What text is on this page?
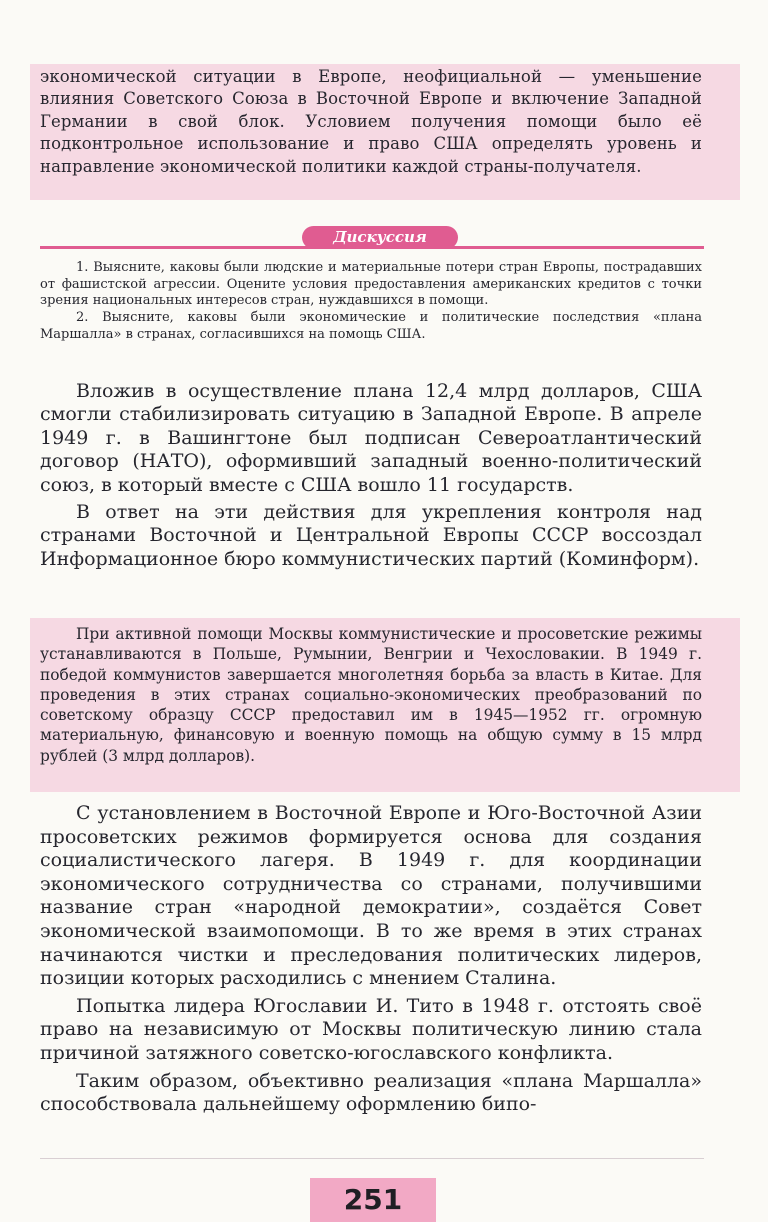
экономической ситуации в Европе, неофициальной — уменьшение влияния Советского Союза в Восточной Европе и включение Западной Германии в свой блок. Условием получения помощи было её подконтрольное использование и право США определять уровень и направление экономической политики каждой страны-получателя.
Дискуссия
1. Выясните, каковы были людские и материальные потери стран Европы, пострадавших от фашистской агрессии. Оцените условия предоставления американских кредитов с точки зрения национальных интересов стран, нуждавшихся в помощи.
2. Выясните, каковы были экономические и политические последствия «плана Маршалла» в странах, согласившихся на помощь США.

Вложив в осуществление плана 12,4 млрд долларов, США смогли стабилизировать ситуацию в Западной Европе. В апреле 1949 г. в Вашингтоне был подписан Североатлантический договор (НАТО), оформивший западный военно-политический союз, в который вместе с США вошло 11 государств.

В ответ на эти действия для укрепления контроля над странами Восточной и Центральной Европы СССР воссоздал Информационное бюро коммунистических партий (Коминформ).

При активной помощи Москвы коммунистические и просоветские режимы устанавливаются в Польше, Румынии, Венгрии и Чехословакии. В 1949 г. победой коммунистов завершается многолетняя борьба за власть в Китае. Для проведения в этих странах социально-экономических преобразований по советскому образцу СССР предоставил им в 1945—1952 гг. огромную материальную, финансовую и военную помощь на общую сумму в 15 млрд рублей (3 млрд долларов).

С установлением в Восточной Европе и Юго-Восточной Азии просоветских режимов формируется основа для создания социалистического лагеря. В 1949 г. для координации экономического сотрудничества со странами, получившими название стран «народной демократии», создаётся Совет экономической взаимопомощи. В то же время в этих странах начинаются чистки и преследования политических лидеров, позиции которых расходились с мнением Сталина.

Попытка лидера Югославии И. Тито в 1948 г. отстоять своё право на независимую от Москвы политическую линию стала причиной затяжного советско-югославского конфликта.

Таким образом, объективно реализация «плана Маршалла» способствовала дальнейшему оформлению бипо-

251
